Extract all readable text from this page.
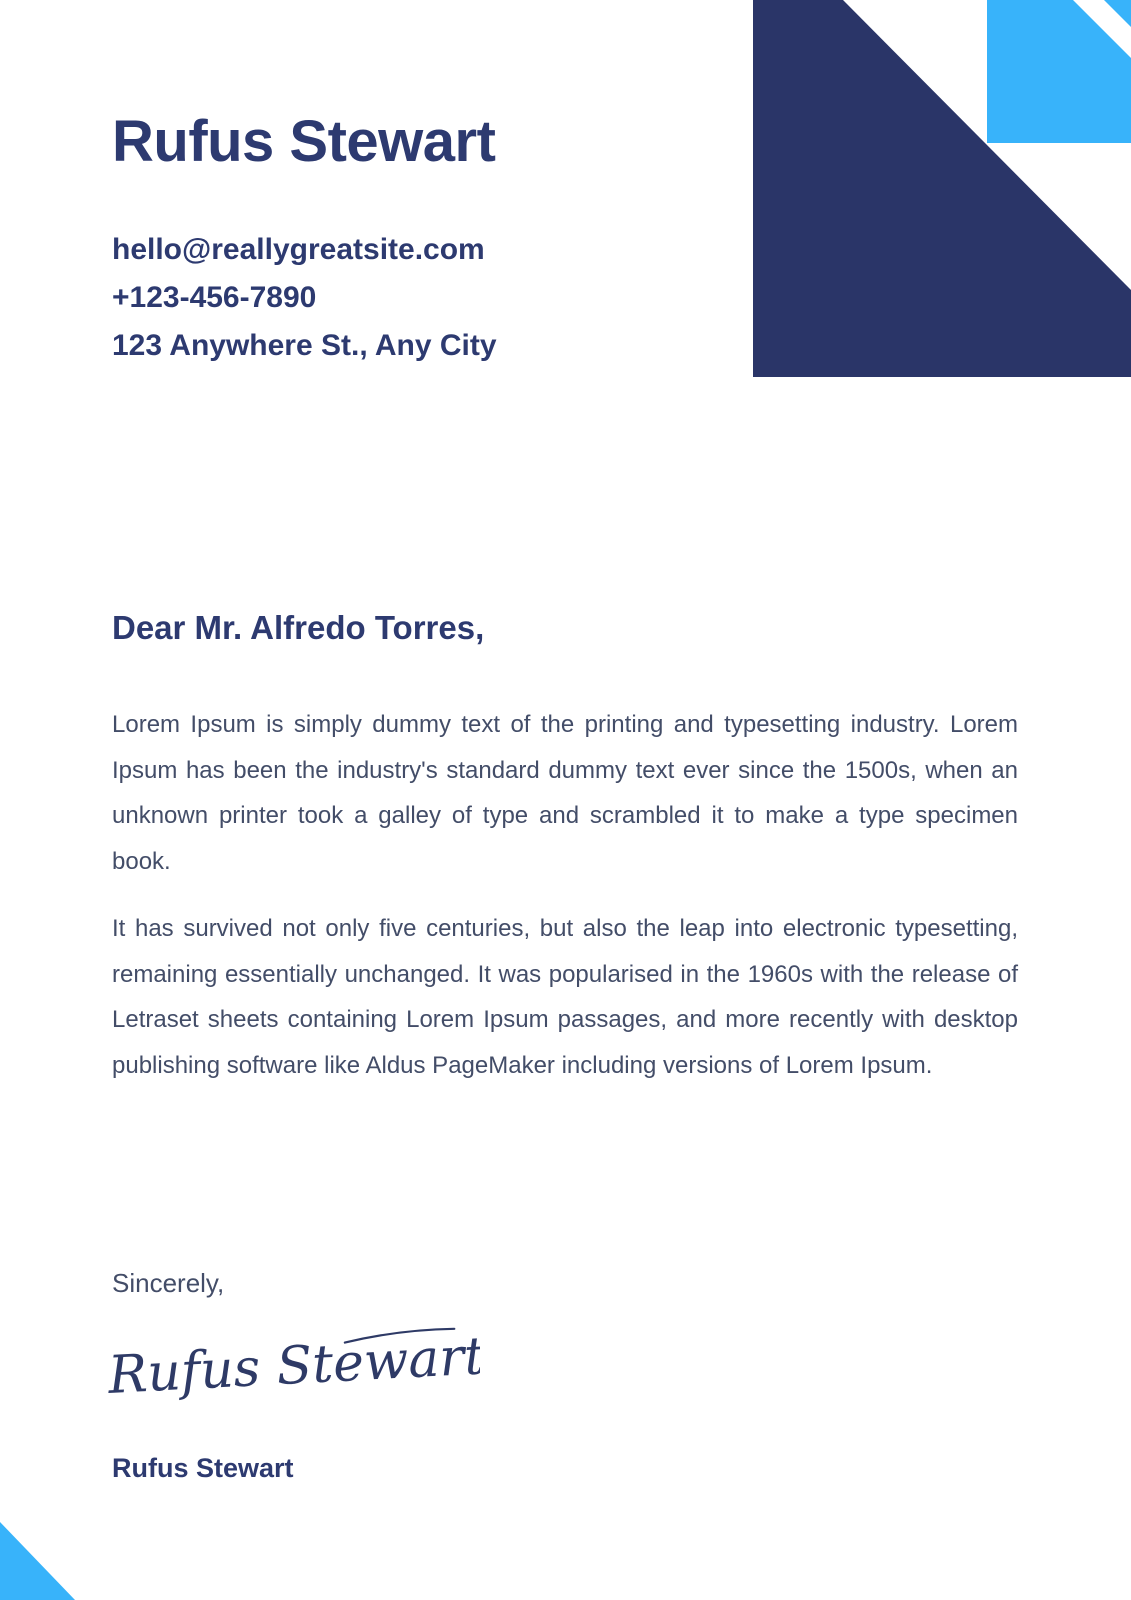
Rufus Stewart
hello@reallygreatsite.com
+123-456-7890
123 Anywhere St., Any City
Dear Mr. Alfredo Torres,
Lorem Ipsum is simply dummy text of the printing and typesetting industry. Lorem
Ipsum has been the industry's standard dummy text ever since the 1500s, when an
unknown printer took a galley of type and scrambled it to make a type specimen
book.
It has survived not only five centuries, but also the leap into electronic typesetting,
remaining essentially unchanged. It was popularised in the 1960s with the release of
Letraset sheets containing Lorem Ipsum passages, and more recently with desktop
publishing software like Aldus PageMaker including versions of Lorem Ipsum.
Sincerely,
Rufus Stewart
Rufus Stewart
